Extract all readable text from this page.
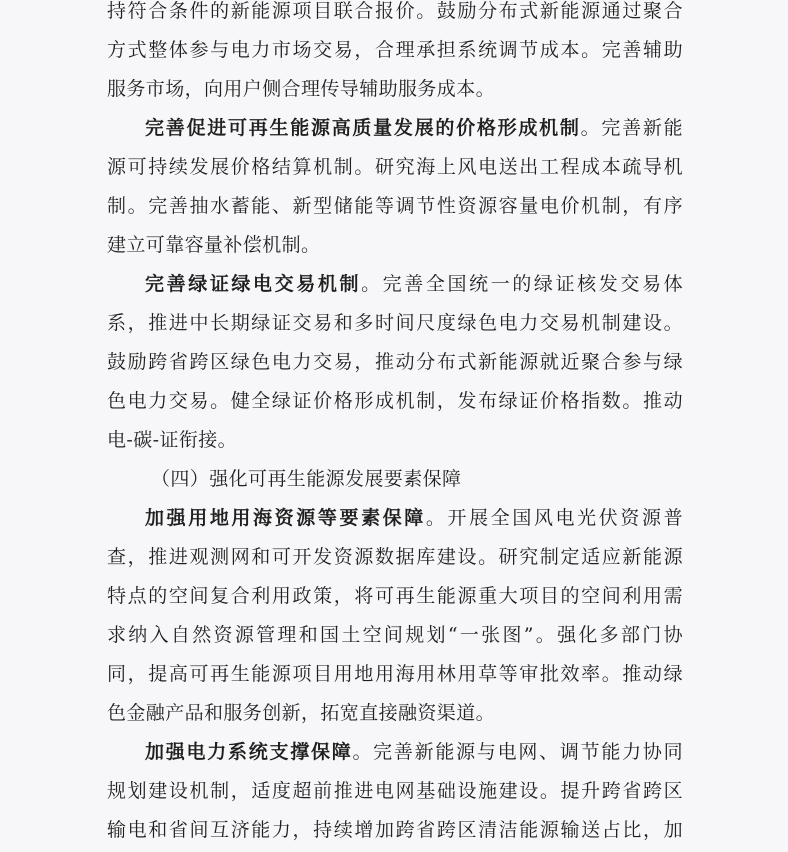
持符合条件的新能源项目联合报价。鼓励分布式新能源通过聚合

方式整体参与电力市场交易，合理承担系统调节成本。完善辅助

服务市场，向用户侧合理传导辅助服务成本。

完善促进可再生能源高质量发展的价格形成机制。完善新能

源可持续发展价格结算机制。研究海上风电送出工程成本疏导机

制。完善抽水蓄能、新型储能等调节性资源容量电价机制，有序

建立可靠容量补偿机制。

完善绿证绿电交易机制。完善全国统一的绿证核发交易体

系，推进中长期绿证交易和多时间尺度绿色电力交易机制建设。

鼓励跨省跨区绿色电力交易，推动分布式新能源就近聚合参与绿

色电力交易。健全绿证价格形成机制，发布绿证价格指数。推动

电-碳-证衔接。

（四）强化可再生能源发展要素保障

加强用地用海资源等要素保障。开展全国风电光伏资源普

查，推进观测网和可开发资源数据库建设。研究制定适应新能源

特点的空间复合利用政策，将可再生能源重大项目的空间利用需

求纳入自然资源管理和国土空间规划“一张图”。强化多部门协

同，提高可再生能源项目用地用海用林用草等审批效率。推动绿

色金融产品和服务创新，拓宽直接融资渠道。

加强电力系统支撑保障。完善新能源与电网、调节能力协同

规划建设机制，适度超前推进电网基础设施建设。提升跨省跨区

输电和省间互济能力，持续增加跨省跨区清洁能源输送占比，加
